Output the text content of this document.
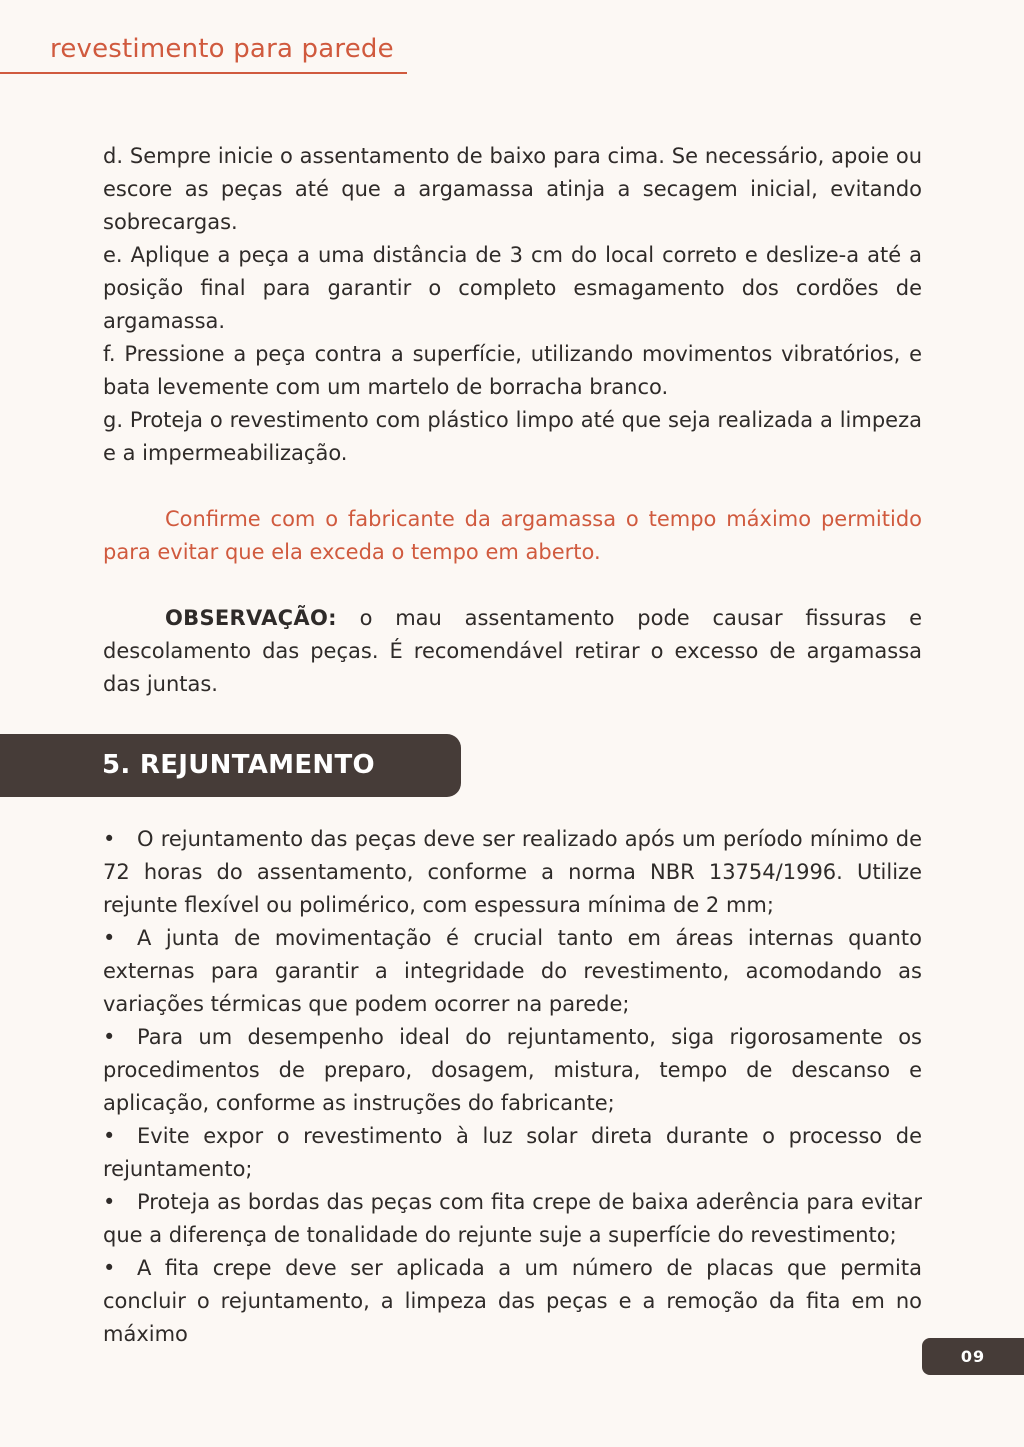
revestimento para parede

d. Sempre inicie o assentamento de baixo para cima. Se necessário, apoie ou escore as peças até que a argamassa atinja a secagem inicial, evitando sobrecargas.

e. Aplique a peça a uma distância de 3 cm do local correto e deslize-a até a posição final para garantir o completo esmagamento dos cordões de argamassa.

f. Pressione a peça contra a superfície, utilizando movimentos vibratórios, e bata levemente com um martelo de borracha branco.

g. Proteja o revestimento com plástico limpo até que seja realizada a limpeza e a impermeabilização.

Confirme com o fabricante da argamassa o tempo máximo permitido para evitar que ela exceda o tempo em aberto.

OBSERVAÇÃO: o mau assentamento pode causar fissuras e descolamento das peças. É recomendável retirar o excesso de argamassa das juntas.

5. REJUNTAMENTO

• O rejuntamento das peças deve ser realizado após um período mínimo de 72 horas do assentamento, conforme a norma NBR 13754/1996. Utilize rejunte flexível ou polimérico, com espessura mínima de 2 mm;

• A junta de movimentação é crucial tanto em áreas internas quanto externas para garantir a integridade do revestimento, acomodando as variações térmicas que podem ocorrer na parede;

• Para um desempenho ideal do rejuntamento, siga rigorosamente os procedimentos de preparo, dosagem, mistura, tempo de descanso e aplicação, conforme as instruções do fabricante;

• Evite expor o revestimento à luz solar direta durante o processo de rejuntamento;

• Proteja as bordas das peças com fita crepe de baixa aderência para evitar que a diferença de tonalidade do rejunte suje a superfície do revestimento;

• A fita crepe deve ser aplicada a um número de placas que permita concluir o rejuntamento, a limpeza das peças e a remoção da fita em no máximo

09
